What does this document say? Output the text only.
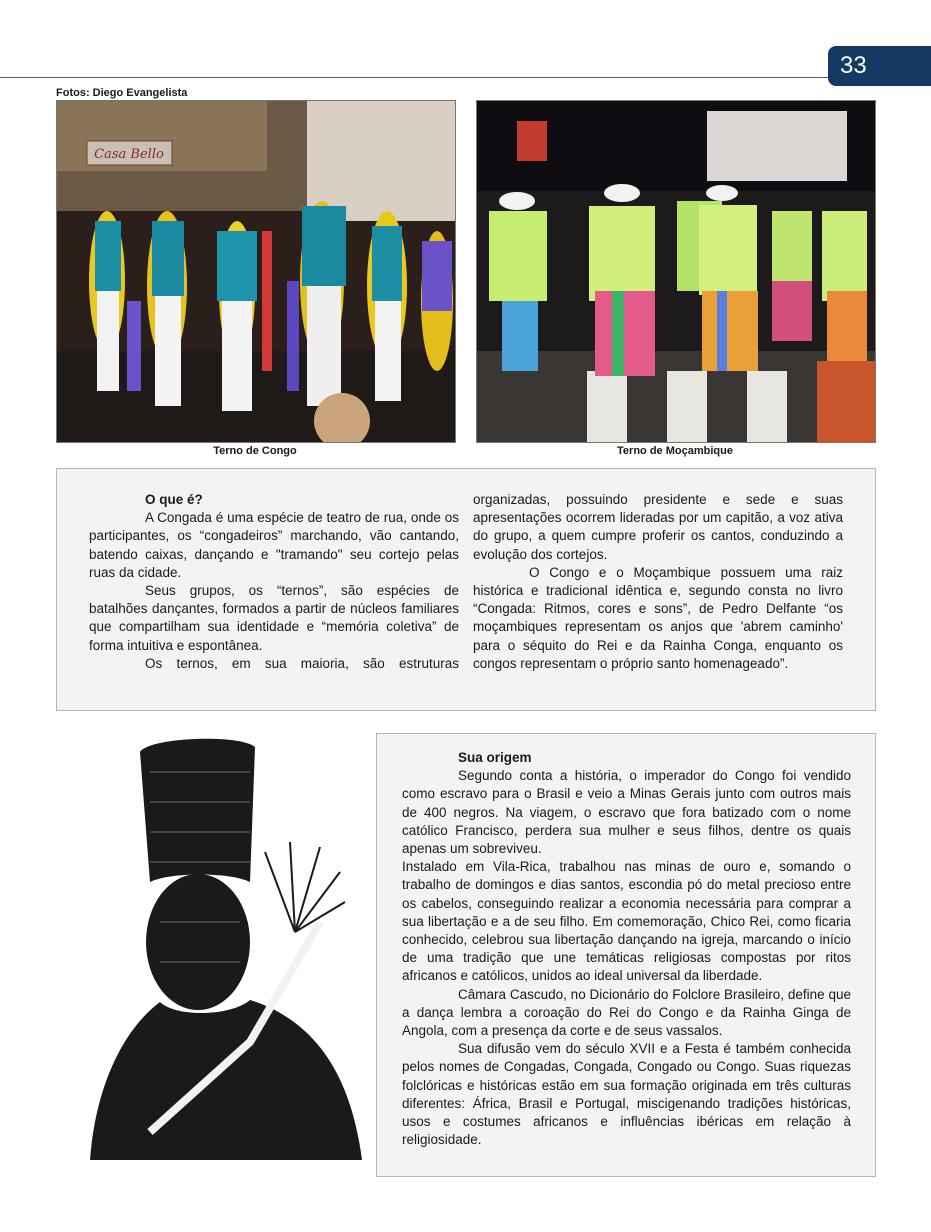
33
Fotos: Diego Evangelista
Casa Bello
Terno de Congo	Terno de Moçambique

O que é?

A Congada é uma espécie de teatro de rua, onde os participantes, os “congadeiros” marchando, vão cantando, batendo caixas, dançando e "tramando" seu cortejo pelas ruas da cidade.

Seus grupos, os “ternos”, são espécies de batalhões dançantes, formados a partir de núcleos familiares que compartilham sua identidade e “memória coletiva” de forma intuitiva e espontânea.

Os ternos, em sua maioria, são estruturas

organizadas, possuindo presidente e sede e suas apresentações ocorrem lideradas por um capitão, a voz ativa do grupo, a quem cumpre proferir os cantos, conduzindo a evolução dos cortejos.

O Congo e o Moçambique possuem uma raiz histórica e tradicional idêntica e, segundo consta no livro “Congada: Ritmos, cores e sons”, de Pedro Delfante “os moçambiques representam os anjos que 'abrem caminho' para o séquito do Rei e da Rainha Conga, enquanto os congos representam o próprio santo homenageado”.

Foto ilustrativa

Sua origem

Segundo conta a história, o imperador do Congo foi vendido como escravo para o Brasil e veio a Minas Gerais junto com outros mais de 400 negros. Na viagem, o escravo que fora batizado com o nome católico Francisco, perdera sua mulher e seus filhos, dentre os quais apenas um sobreviveu.

Instalado em Vila-Rica, trabalhou nas minas de ouro e, somando o trabalho de domingos e dias santos, escondia pó do metal precioso entre os cabelos, conseguindo realizar a economia necessária para comprar a sua libertação e a de seu filho. Em comemoração, Chico Rei, como ficaria conhecido, celebrou sua libertação dançando na igreja, marcando o início de uma tradição que une temáticas religiosas compostas por ritos africanos e católicos, unidos ao ideal universal da liberdade.

Câmara Cascudo, no Dicionário do Folclore Brasileiro, define que a dança lembra a coroação do Rei do Congo e da Rainha Ginga de Angola, com a presença da corte e de seus vassalos.

Sua difusão vem do século XVII e a Festa é também conhecida pelos nomes de Congadas, Congada, Congado ou Congo. Suas riquezas folclóricas e históricas estão em sua formação originada em três culturas diferentes: África, Brasil e Portugal, miscigenando tradições históricas, usos e costumes africanos e influências ibéricas em relação à religiosidade.
